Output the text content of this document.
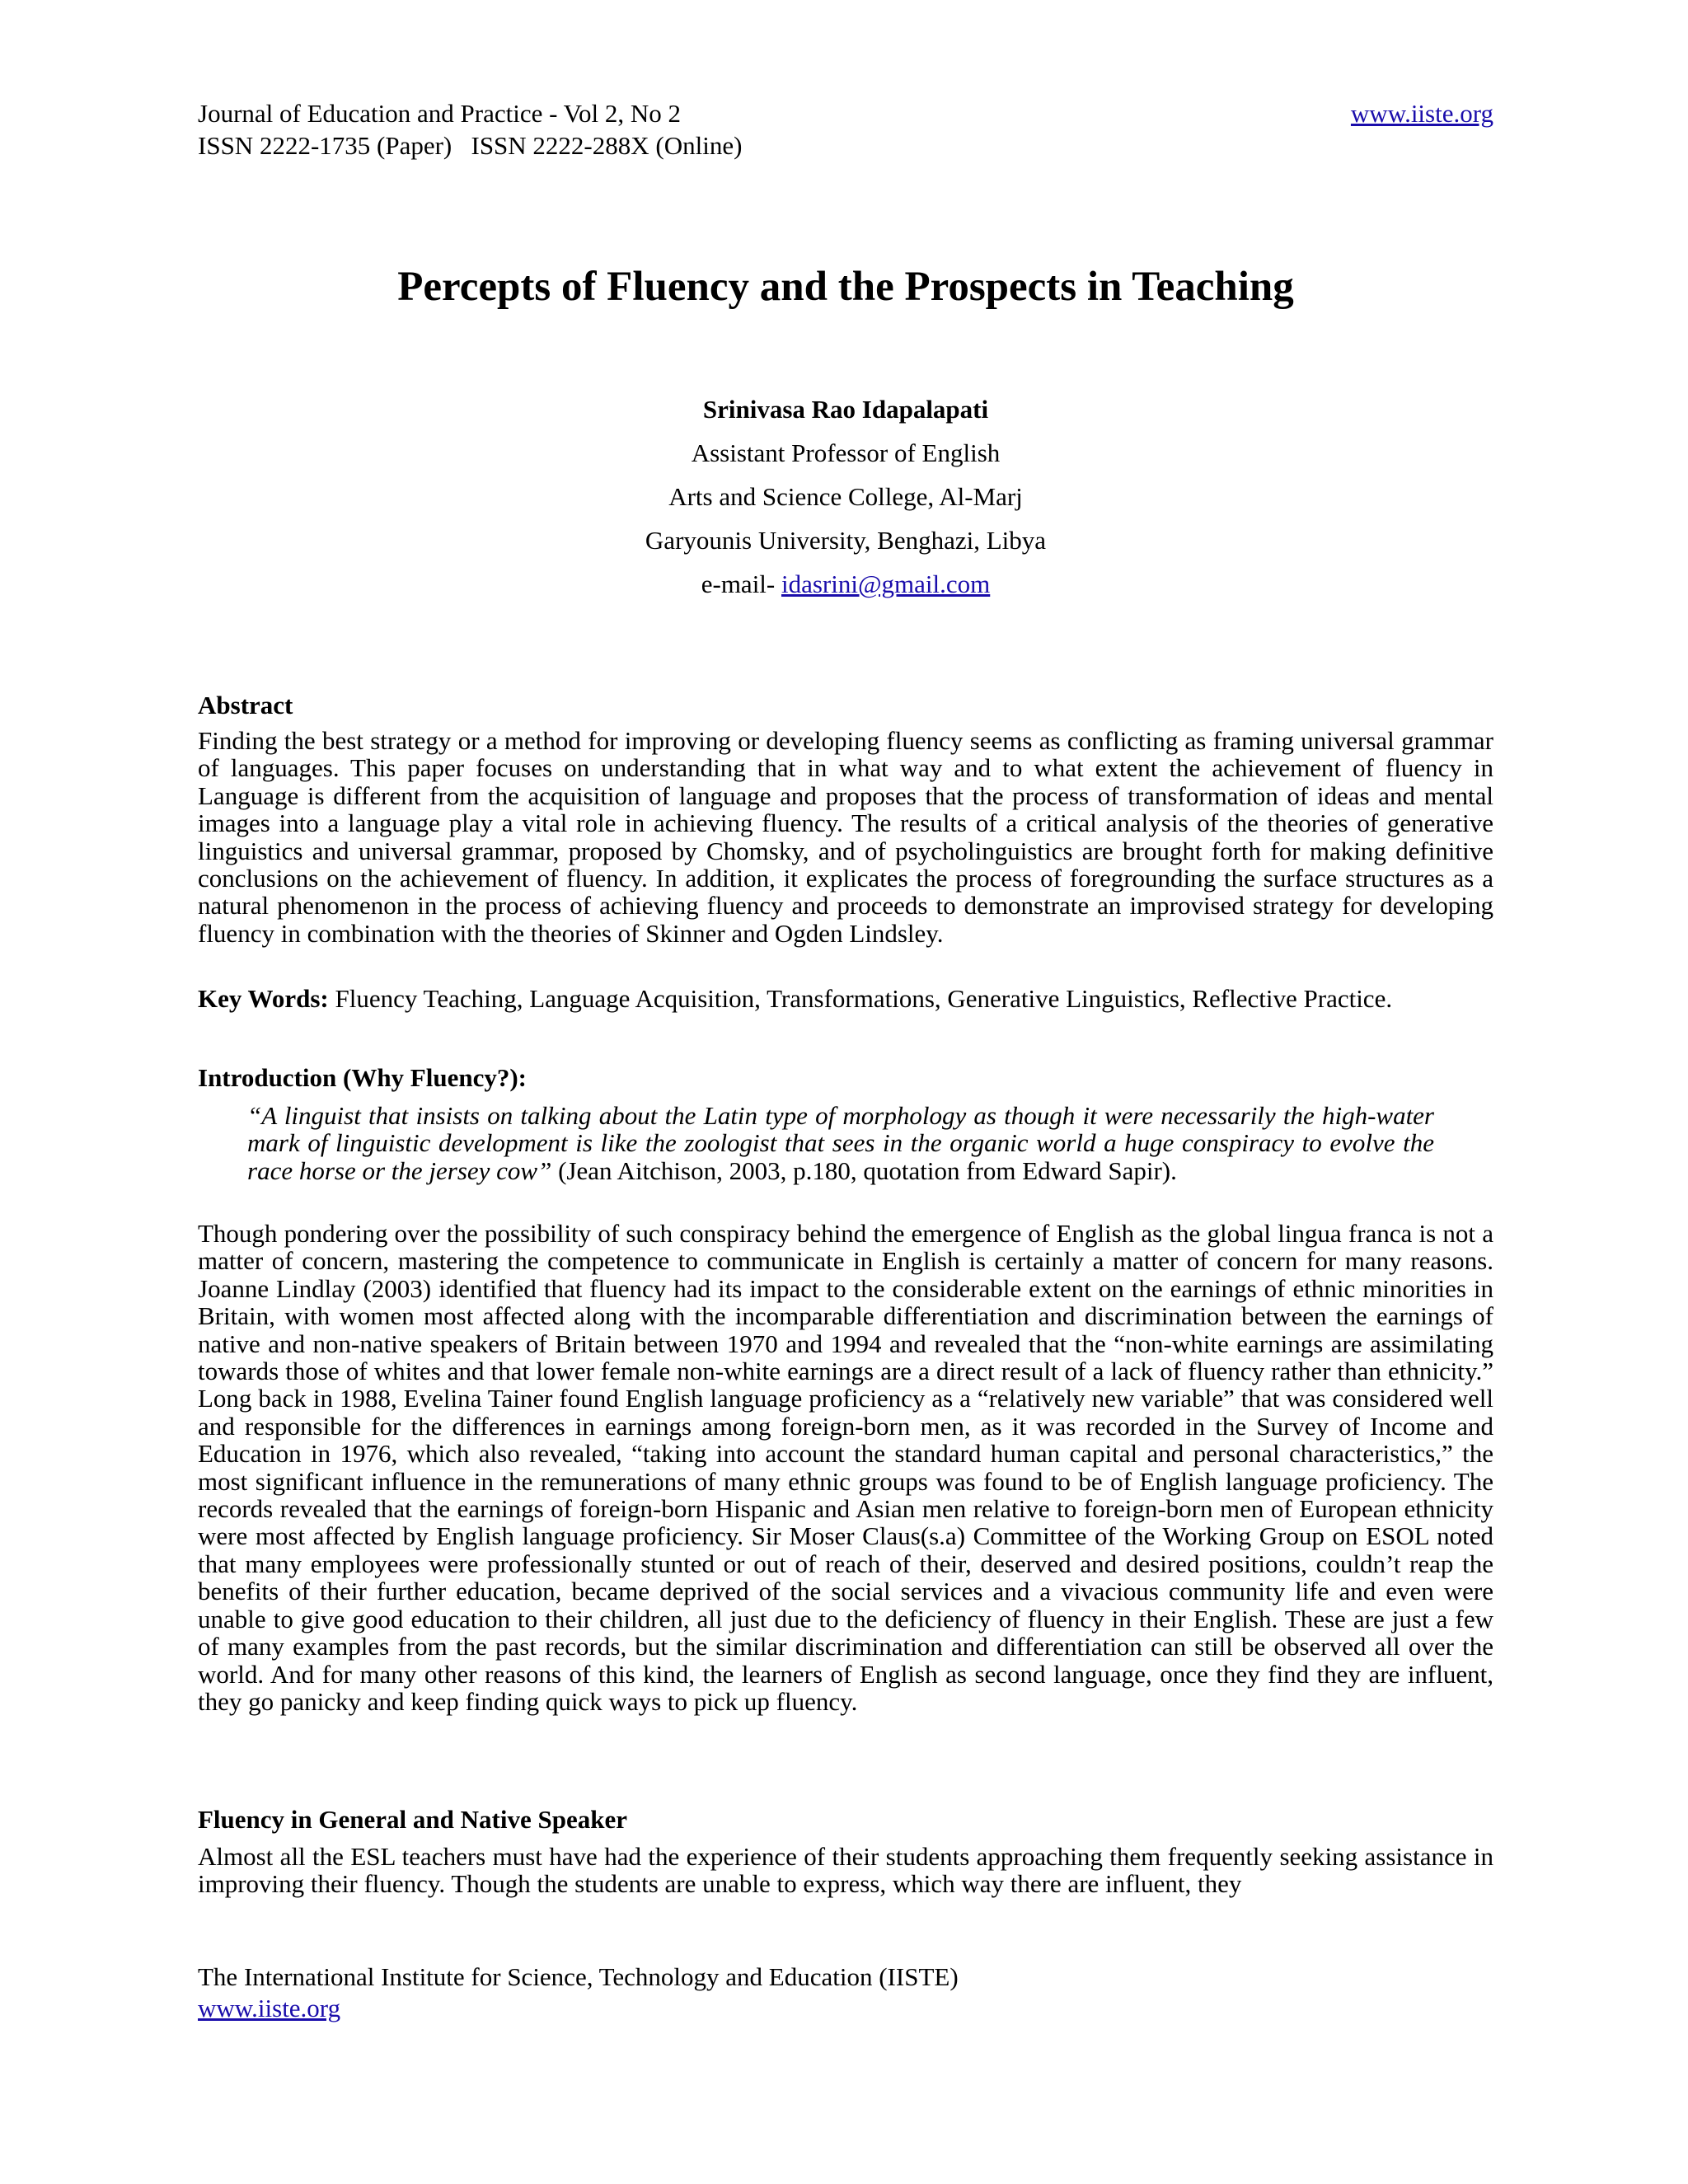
Journal of Education and Practice - Vol 2, No 2	www.iiste.org
ISSN 2222-1735 (Paper)   ISSN 2222-288X (Online)
Percepts of Fluency and the Prospects in Teaching
Srinivasa Rao Idapalapati
Assistant Professor of English
Arts and Science College, Al-Marj
Garyounis University, Benghazi, Libya
e-mail- idasrini@gmail.com
Abstract
Finding the best strategy or a method for improving or developing fluency seems as conflicting as framing universal grammar of languages. This paper focuses on understanding that in what way and to what extent the achievement of fluency in Language is different from the acquisition of language and proposes that the process of transformation of ideas and mental images into a language play a vital role in achieving fluency. The results of a critical analysis of the theories of generative linguistics and universal grammar, proposed by Chomsky, and of psycholinguistics are brought forth for making definitive conclusions on the achievement of fluency. In addition, it explicates the process of foregrounding the surface structures as a natural phenomenon in the process of achieving fluency and proceeds to demonstrate an improvised strategy for developing fluency in combination with the theories of Skinner and Ogden Lindsley.
Key Words: Fluency Teaching, Language Acquisition, Transformations, Generative Linguistics, Reflective Practice.
Introduction (Why Fluency?):
“A linguist that insists on talking about the Latin type of morphology as though it were necessarily the high-water mark of linguistic development is like the zoologist that sees in the organic world a huge conspiracy to evolve the race horse or the jersey cow” (Jean Aitchison, 2003, p.180, quotation from Edward Sapir).
Though pondering over the possibility of such conspiracy behind the emergence of English as the global lingua franca is not a matter of concern, mastering the competence to communicate in English is certainly a matter of concern for many reasons. Joanne Lindlay (2003) identified that fluency had its impact to the considerable extent on the earnings of ethnic minorities in Britain, with women most affected along with the incomparable differentiation and discrimination between the earnings of native and non-native speakers of Britain between 1970 and 1994 and revealed that the “non-white earnings are assimilating towards those of whites and that lower female non-white earnings are a direct result of a lack of fluency rather than ethnicity.” Long back in 1988, Evelina Tainer found English language proficiency as a “relatively new variable” that was considered well and responsible for the differences in earnings among foreign-born men, as it was recorded in the Survey of Income and Education in 1976, which also revealed, “taking into account the standard human capital and personal characteristics,” the most significant influence in the remunerations of many ethnic groups was found to be of English language proficiency. The records revealed that the earnings of foreign-born Hispanic and Asian men relative to foreign-born men of European ethnicity were most affected by English language proficiency. Sir Moser Claus(s.a) Committee of the Working Group on ESOL noted that many employees were professionally stunted or out of reach of their, deserved and desired positions, couldn’t reap the benefits of their further education, became deprived of the social services and a vivacious community life and even were unable to give good education to their children, all just due to the deficiency of fluency in their English. These are just a few of many examples from the past records, but the similar discrimination and differentiation can still be observed all over the world. And for many other reasons of this kind, the learners of English as second language, once they find they are influent, they go panicky and keep finding quick ways to pick up fluency.
Fluency in General and Native Speaker
Almost all the ESL teachers must have had the experience of their students approaching them frequently seeking assistance in improving their fluency. Though the students are unable to express, which way there are influent, they
The International Institute for Science, Technology and Education (IISTE)
www.iiste.org
